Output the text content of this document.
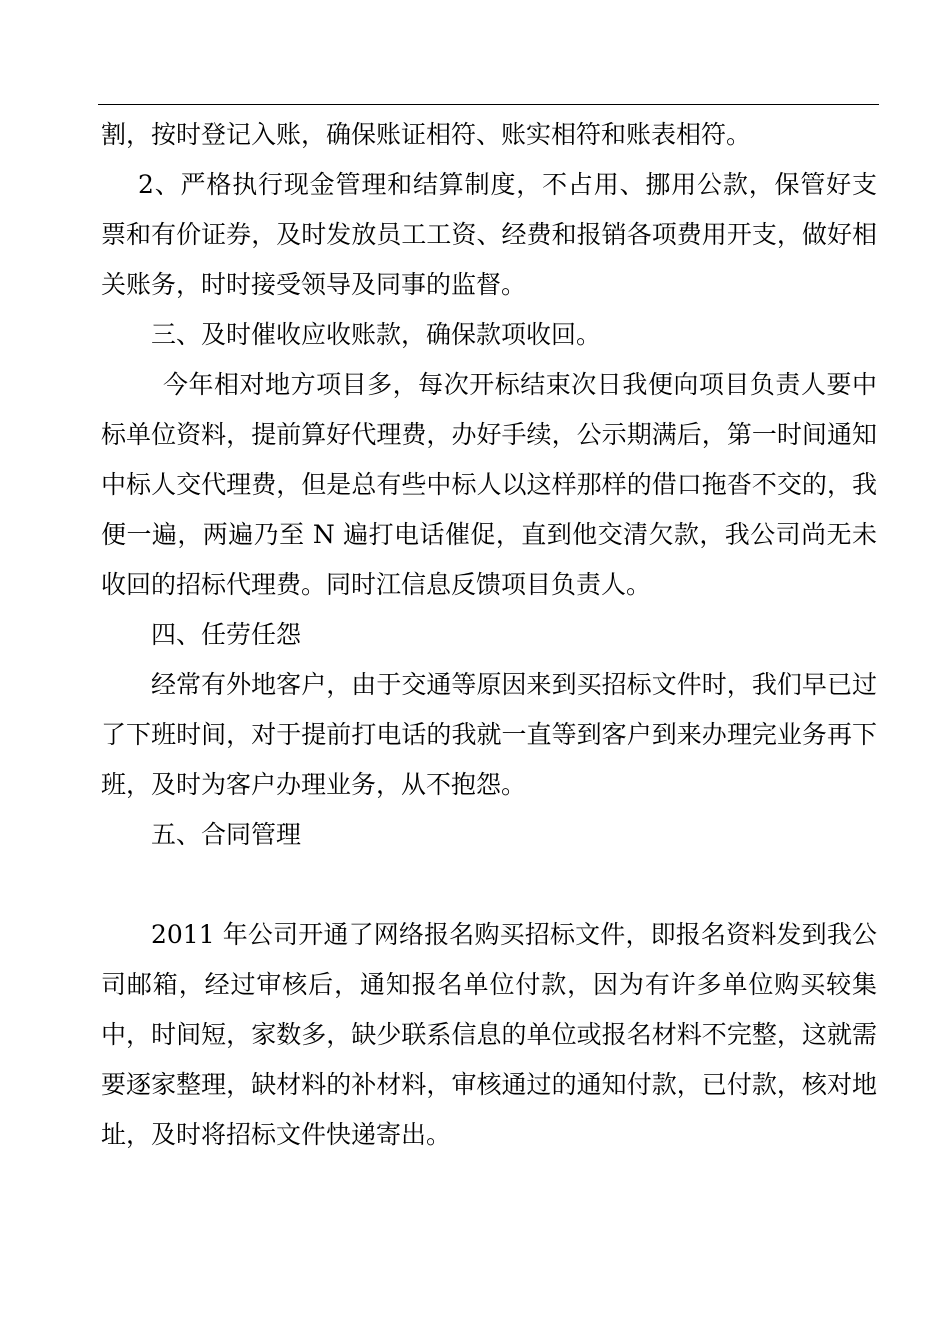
割，按时登记入账，确保账证相符、账实相符和账表相符。

2、严格执行现金管理和结算制度，不占用、挪用公款，保管好支票和有价证券，及时发放员工工资、经费和报销各项费用开支，做好相关账务，时时接受领导及同事的监督。

三、及时催收应收账款，确保款项收回。

今年相对地方项目多，每次开标结束次日我便向项目负责人要中标单位资料，提前算好代理费，办好手续，公示期满后，第一时间通知中标人交代理费，但是总有些中标人以这样那样的借口拖沓不交的，我便一遍，两遍乃至 N 遍打电话催促，直到他交清欠款，我公司尚无未收回的招标代理费。同时江信息反馈项目负责人。

四、任劳任怨

经常有外地客户，由于交通等原因来到买招标文件时，我们早已过了下班时间，对于提前打电话的我就一直等到客户到来办理完业务再下班，及时为客户办理业务，从不抱怨。

五、合同管理

2011 年公司开通了网络报名购买招标文件，即报名资料发到我公司邮箱，经过审核后，通知报名单位付款，因为有许多单位购买较集中，时间短，家数多，缺少联系信息的单位或报名材料不完整，这就需要逐家整理，缺材料的补材料，审核通过的通知付款，已付款，核对地址，及时将招标文件快递寄出。
